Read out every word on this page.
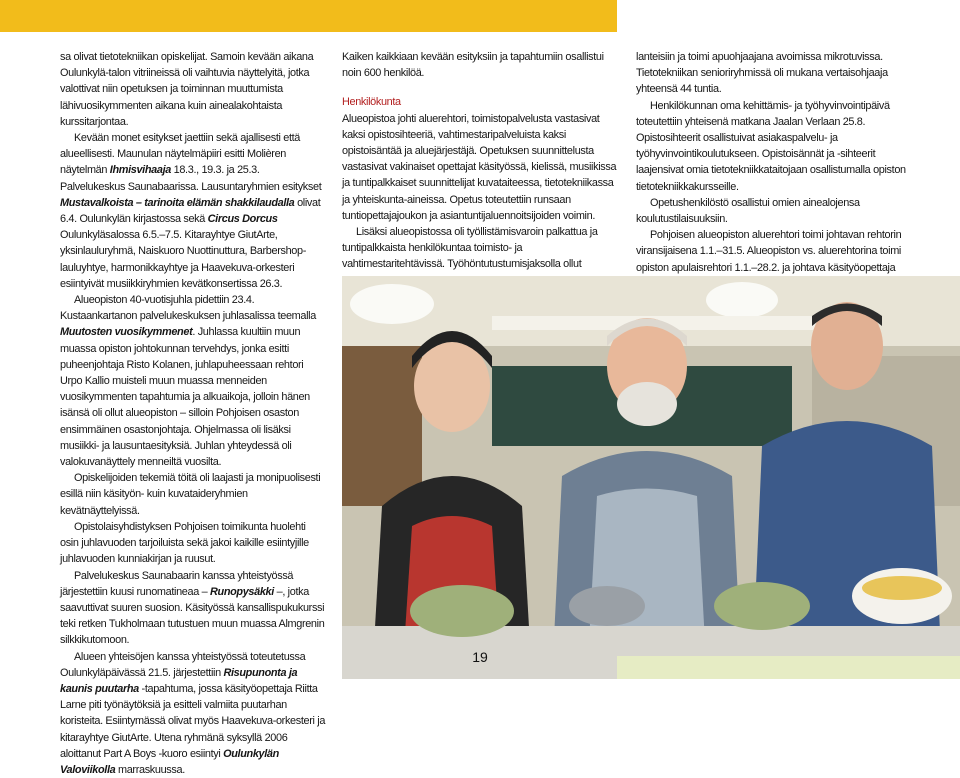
sa olivat tietotekniikan opiskelijat. Samoin kevään aikana Oulunkylä-talon vitriineissä oli vaihtuvia näyttelyitä, jotka valottivat niin opetuksen ja toiminnan muuttumista lähivuosikymmenten aikana kuin ainealakohtaista kurssitarjontaa.

Kevään monet esitykset jaettiin sekä ajallisesti että alueellisesti. Maunulan näytelmäpiiri esitti Molièren näytelmän Ihmisvihaaja 18.3., 19.3. ja 25.3. Palvelukeskus Saunabaarissa. Lausuntaryhmien esitykset Mustavalkoista – tarinoita elämän shakkilaudalla olivat 6.4. Oulunkylän kirjastossa sekä Circus Dorcus Oulunkyläsalossa 6.5.–7.5. Kitarayhtye GiutArte, yksinlauluryhmä, Naiskuoro Nuottinuttura, Barbershop-lauluyhtye, harmonikkayhtye ja Haavekuva-orkesteri esiintyivät musiikkiryhmien kevätkonsertissa 26.3.

Alueopiston 40-vuotisjuhla pidettiin 23.4. Kustaankartanon palvelukeskuksen juhlasalissa teemalla Muutosten vuosikymmenet. Juhlassa kuultiin muun muassa opiston johtokunnan tervehdys, jonka esitti puheenjohtaja Risto Kolanen, juhlapuheessaan rehtori Urpo Kallio muisteli muun muassa menneiden vuosikymmenten tapahtumia ja alkuaikoja, jolloin hänen isänsä oli ollut alueopiston – silloin Pohjoisen osaston ensimmäinen osastonjohtaja. Ohjelmassa oli lisäksi musiikki- ja lausuntaesityksiä. Juhlan yhteydessä oli valokuvanäyttely menneiltä vuosilta.

Opiskelijoiden tekemiä töitä oli laajasti ja monipuolisesti esillä niin käsityön- kuin kuvataideryhmien kevätnäyttelyissä.

Opistolaisyhdistyksen Pohjoisen toimikunta huolehti osin juhlavuoden tarjoiluista sekä jakoi kaikille esiintyjille juhlavuoden kunniakirjan ja ruusut.

Palvelukeskus Saunabaarin kanssa yhteistyössä järjestettiin kuusi runomatineaa – Runopysäkki –, jotka saavuttivat suuren suosion. Käsityössä kansallispukukurssi teki retken Tukholmaan tutustuen muun muassa Almgrenin silkkikutomoon.

Alueen yhteisöjen kanssa yhteistyössä toteutetussa Oulunkyläpäivässä 21.5. järjestettiin Risupunonta ja kaunis puutarha -tapahtuma, jossa käsityöopettaja Riitta Larne piti työnäytöksiä ja esitteli valmiita puutarhan koristeita. Esiintymässä olivat myös Haavekuva-orkesteri ja kitarayhtye GiutArte. Utena ryhmänä syksyllä 2006 aloittanut Part A Boys -kuoro esiintyi Oulunkylän Valoviikolla marraskuussa.

Kaiken kaikkiaan kevään esityksiin ja tapahtumiin osallistui noin 600 henkilöä.

Henkilökunta

Alueopistoa johti aluerehtori, toimistopalvelusta vastasivat kaksi opistosihteeriä, vahtimestaripalveluista kaksi opistoisäntää ja aluejärjestäjä. Opetuksen suunnittelusta vastasivat vakinaiset opettajat käsityössä, kielissä, musiikissa ja tuntipalkkaiset suunnittelijat kuvataiteessa, tietotekniikassa ja yhteiskunta-aineissa. Opetus toteutettiin runsaan tuntiopettajajoukon ja asiantuntijaluennoitsijoiden voimin.

Lisäksi alueopistossa oli työllistämisvaroin palkattua ja tuntipalkkaista henkilökuntaa toimisto- ja vahtimestaritehtävissä. Työhöntutustumisjaksolla ollut

lanteisiin ja toimi apuohjaajana avoimissa mikrotuvissa. Tietotekniikan senioriryhmissä oli mukana vertaisohjaaja yhteensä 44 tuntia.

Henkilökunnan oma kehittämis- ja työhyvinvointipäivä toteutettiin yhteisenä matkana Jaalan Verlaan 25.8. Opistosihteerit osallistuivat asiakaspalvelu- ja työhyvinvointikoulutukseen. Opistoisännät ja -sihteerit laajensivat omia tietotekniikkataitojaan osallistumalla opiston tietotekniikkakursseille.

Opetushenkilöstö osallistui omien ainealojensa koulutustilaisuuksiin.

Pohjoisen alueopiston aluerehtori toimi johtavan rehtorin viransijaisena 1.1.–31.5. Alueopiston vs. aluerehtorina toimi opiston apulaisrehtori 1.1.–28.2. ja johtava käsityöopettaja

19
